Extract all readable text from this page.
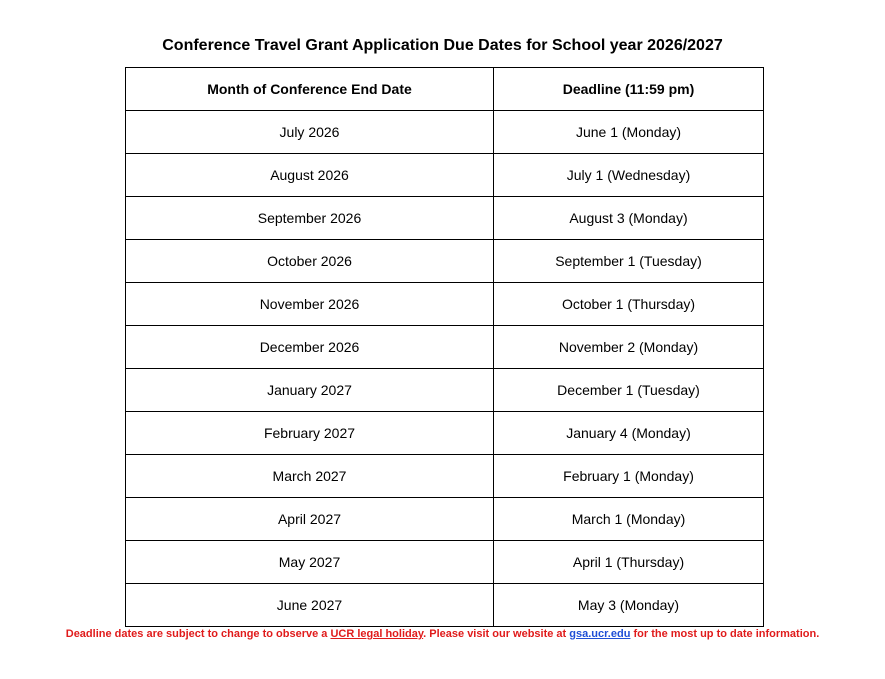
Conference Travel Grant Application Due Dates for School year 2026/2027
Month of Conference End Date	Deadline (11:59 pm)
July 2026	June 1 (Monday)
August 2026	July 1 (Wednesday)
September 2026	August 3 (Monday)
October 2026	September 1 (Tuesday)
November 2026	October 1 (Thursday)
December 2026	November 2 (Monday)
January 2027	December 1 (Tuesday)
February 2027	January 4 (Monday)
March 2027	February 1 (Monday)
April 2027	March 1 (Monday)
May 2027	April 1 (Thursday)
June 2027	May 3 (Monday)
Deadline dates are subject to change to observe a UCR legal holiday. Please visit our website at gsa.ucr.edu for the most up to date information.
